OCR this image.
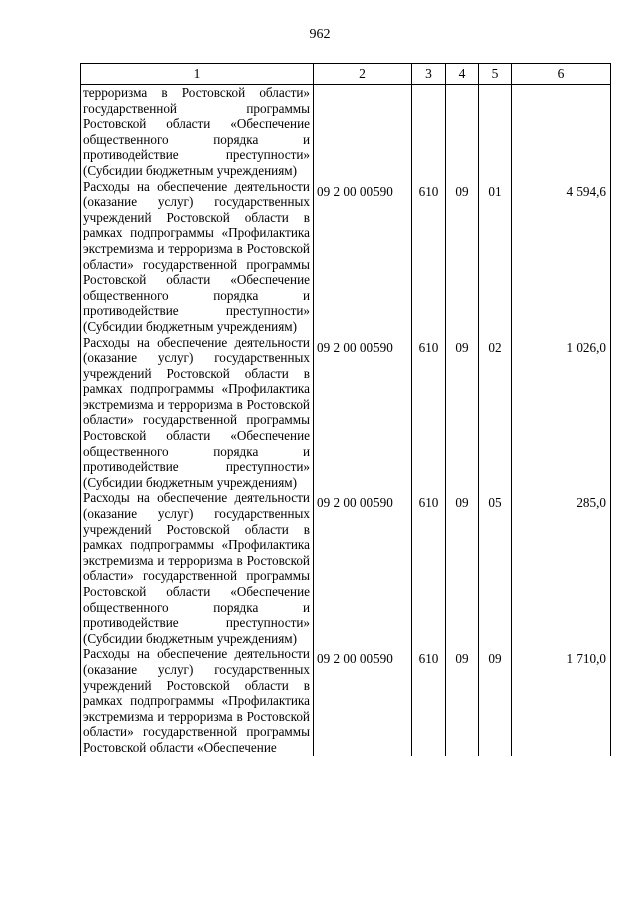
962
1	2	3	4	5	6
терроризма в Ростовской области» государственной программы Ростовской области «Обеспечение общественного порядка и противодействие преступности» (Субсидии бюджетным учреждениям)					
Расходы на обеспечение деятельности (оказание услуг) государственных учреждений Ростовской области в рамках подпрограммы «Профилактика экстремизма и терроризма в Ростовской области» государственной программы Ростовской области «Обеспечение общественного порядка и противодействие преступности» (Субсидии бюджетным учреждениям)	09 2 00 00590	610	09	01	4 594,6
Расходы на обеспечение деятельности (оказание услуг) государственных учреждений Ростовской области в рамках подпрограммы «Профилактика экстремизма и терроризма в Ростовской области» государственной программы Ростовской области «Обеспечение общественного порядка и противодействие преступности» (Субсидии бюджетным учреждениям)	09 2 00 00590	610	09	02	1 026,0
Расходы на обеспечение деятельности (оказание услуг) государственных учреждений Ростовской области в рамках подпрограммы «Профилактика экстремизма и терроризма в Ростовской области» государственной программы Ростовской области «Обеспечение общественного порядка и противодействие преступности» (Субсидии бюджетным учреждениям)	09 2 00 00590	610	09	05	285,0
Расходы на обеспечение деятельности (оказание услуг) государственных учреждений Ростовской области в рамках подпрограммы «Профилактика экстремизма и терроризма в Ростовской области» государственной программы Ростовской области «Обеспечение	09 2 00 00590	610	09	09	1 710,0
